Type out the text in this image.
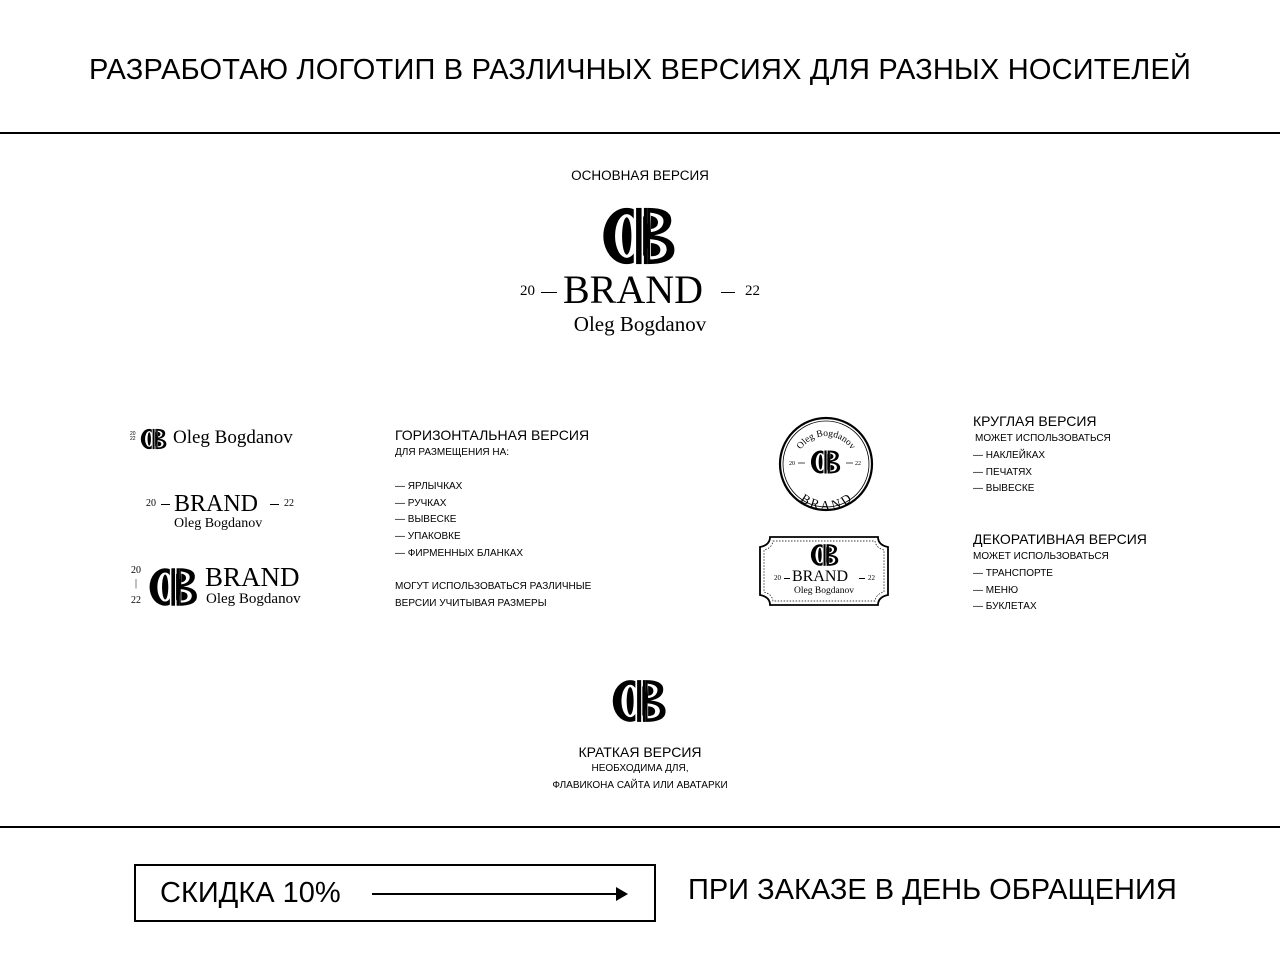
РАЗРАБОТАЮ ЛОГОТИП В РАЗЛИЧНЫХ ВЕРСИЯХ ДЛЯ РАЗНЫХ НОСИТЕЛЕЙ
ОСНОВНАЯ ВЕРСИЯ
20 BRAND	22
Oleg Bogdanov
20
22 Oleg Bogdanov
20 BRAND	22
Oleg Bogdanov
20
|
22
BRAND
Oleg Bogdanov
ГОРИЗОНТАЛЬНАЯ ВЕРСИЯ
ДЛЯ РАЗМЕЩЕНИЯ НА:
— ЯРЛЫЧКАХ
— РУЧКАХ
— ВЫВЕСКЕ
— УПАКОВКЕ
— ФИРМЕННЫХ БЛАНКАХ
МОГУТ ИСПОЛЬЗОВАТЬСЯ РАЗЛИЧНЫЕ
ВЕРСИИ УЧИТЫВАЯ РАЗМЕРЫ
Oleg Bogdanov
BRAND
20	22
20 BRAND	22
Oleg Bogdanov
КРУГЛАЯ ВЕРСИЯ
МОЖЕТ ИСПОЛЬЗОВАТЬСЯ
— НАКЛЕЙКАХ
— ПЕЧАТЯХ
— ВЫВЕСКЕ
ДЕКОРАТИВНАЯ ВЕРСИЯ
МОЖЕТ ИСПОЛЬЗОВАТЬСЯ
— ТРАНСПОРТЕ
— МЕНЮ
— БУКЛЕТАХ
КРАТКАЯ ВЕРСИЯ
НЕОБХОДИМА ДЛЯ,
ФЛАВИКОНА САЙТА ИЛИ АВАТАРКИ
СКИДКА 10%	ПРИ ЗАКАЗЕ В ДЕНЬ ОБРАЩЕНИЯ
